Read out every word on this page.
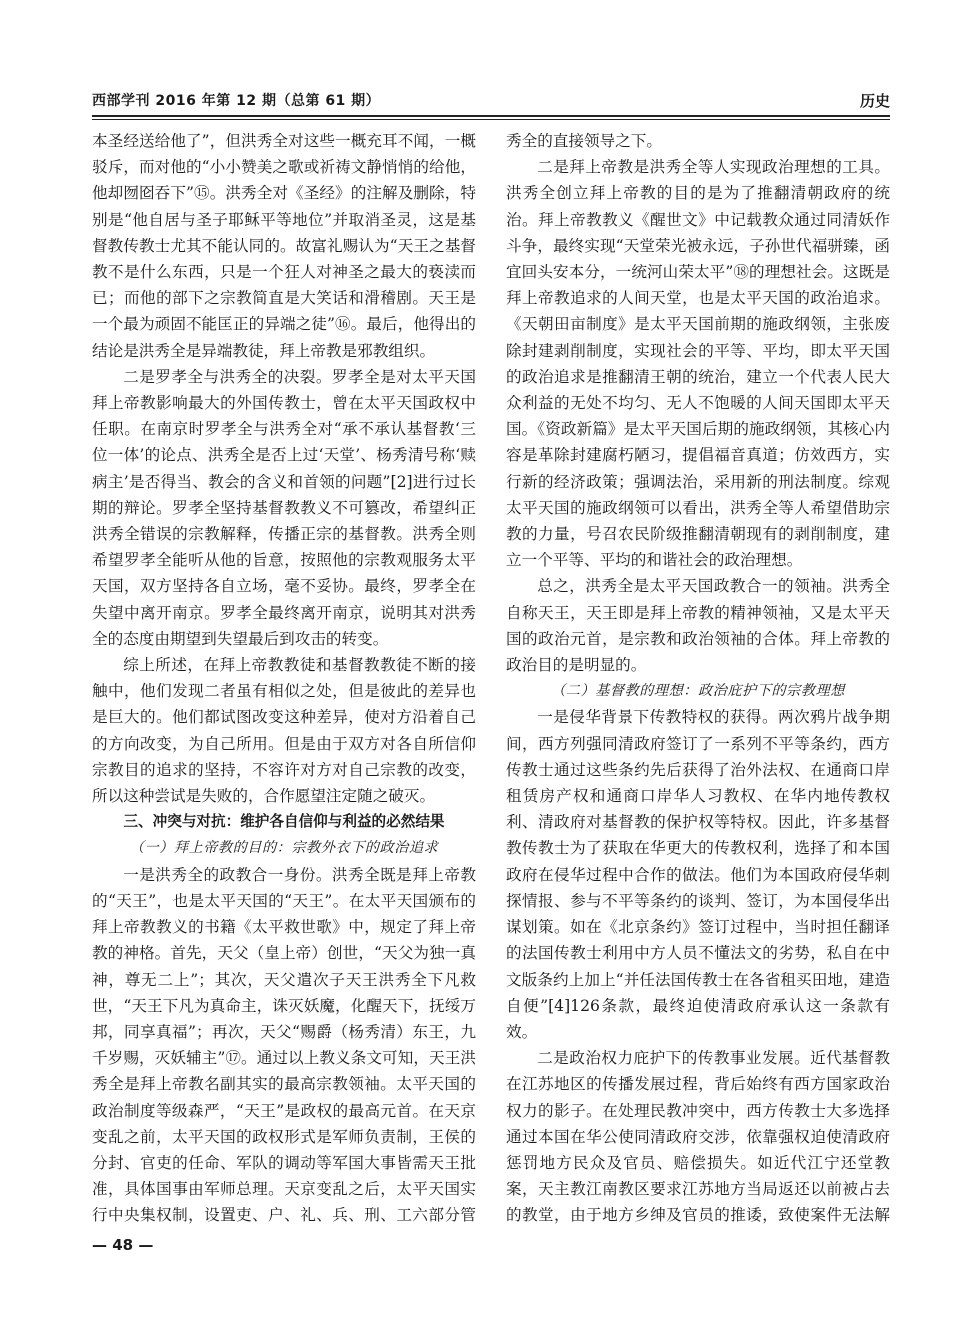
西部学刊 2016 年第 12 期（总第 61 期）	历史

本圣经送给他了”，但洪秀全对这些一概充耳不闻，一概驳斥，而对他的“小小赞美之歌或祈祷文静悄悄的给他，他却囫囵吞下”⑮。洪秀全对《圣经》的注解及删除，特别是“他自居与圣子耶稣平等地位”并取消圣灵，这是基督教传教士尤其不能认同的。故富礼赐认为“天王之基督教不是什么东西，只是一个狂人对神圣之最大的亵渎而已；而他的部下之宗教简直是大笑话和滑稽剧。天王是一个最为顽固不能匡正的异端之徒”⑯。最后，他得出的结论是洪秀全是异端教徒，拜上帝教是邪教组织。

二是罗孝全与洪秀全的决裂。罗孝全是对太平天国拜上帝教影响最大的外国传教士，曾在太平天国政权中任职。在南京时罗孝全与洪秀全对“承不承认基督教‘三位一体’的论点、洪秀全是否上过‘天堂’、杨秀清号称‘赎病主’是否得当、教会的含义和首领的问题”[2]进行过长期的辩论。罗孝全坚持基督教教义不可篡改，希望纠正洪秀全错误的宗教解释，传播正宗的基督教。洪秀全则希望罗孝全能听从他的旨意，按照他的宗教观服务太平天国，双方坚持各自立场，毫不妥协。最终，罗孝全在失望中离开南京。罗孝全最终离开南京，说明其对洪秀全的态度由期望到失望最后到攻击的转变。

综上所述，在拜上帝教教徒和基督教教徒不断的接触中，他们发现二者虽有相似之处，但是彼此的差异也是巨大的。他们都试图改变这种差异，使对方沿着自己的方向改变，为自己所用。但是由于双方对各自所信仰宗教目的追求的坚持，不容许对方对自己宗教的改变，所以这种尝试是失败的，合作愿望注定随之破灭。

三、冲突与对抗：维护各自信仰与利益的必然结果

（一）拜上帝教的目的：宗教外衣下的政治追求

一是洪秀全的政教合一身份。洪秀全既是拜上帝教的“天王”，也是太平天国的“天王”。在太平天国颁布的拜上帝教教义的书籍《太平救世歌》中，规定了拜上帝教的神格。首先，天父（皇上帝）创世，“天父为独一真神，尊无二上”；其次，天父遣次子天王洪秀全下凡救世，“天王下凡为真命主，诛灭妖魔，化醒天下，抚绥万邦，同享真福”；再次，天父“赐爵（杨秀清）东王，九千岁赐，灭妖辅主”⑰。通过以上教义条文可知，天王洪秀全是拜上帝教名副其实的最高宗教领袖。太平天国的政治制度等级森严，“天王”是政权的最高元首。在天京变乱之前，太平天国的政权形式是军师负责制，王侯的分封、官吏的任命、军队的调动等军国大事皆需天王批准，具体国事由军师总理。天京变乱之后，太平天国实行中央集权制，设置吏、户、礼、兵、刑、工六部分管

秀全的直接领导之下。

二是拜上帝教是洪秀全等人实现政治理想的工具。洪秀全创立拜上帝教的目的是为了推翻清朝政府的统治。拜上帝教教义《醒世文》中记载教众通过同清妖作斗争，最终实现“天堂荣光被永远，子孙世代福骈臻，函宜回头安本分，一统河山荣太平”⑱的理想社会。这既是拜上帝教追求的人间天堂，也是太平天国的政治追求。《天朝田亩制度》是太平天国前期的施政纲领，主张废除封建剥削制度，实现社会的平等、平均，即太平天国的政治追求是推翻清王朝的统治，建立一个代表人民大众利益的无处不均匀、无人不饱暖的人间天国即太平天国。《资政新篇》是太平天国后期的施政纲领，其核心内容是革除封建腐朽陋习，提倡福音真道；仿效西方，实行新的经济政策；强调法治，采用新的刑法制度。综观太平天国的施政纲领可以看出，洪秀全等人希望借助宗教的力量，号召农民阶级推翻清朝现有的剥削制度，建立一个平等、平均的和谐社会的政治理想。

总之，洪秀全是太平天国政教合一的领袖。洪秀全自称天王，天王即是拜上帝教的精神领袖，又是太平天国的政治元首，是宗教和政治领袖的合体。拜上帝教的政治目的是明显的。

（二）基督教的理想：政治庇护下的宗教理想

一是侵华背景下传教特权的获得。两次鸦片战争期间，西方列强同清政府签订了一系列不平等条约，西方传教士通过这些条约先后获得了治外法权、在通商口岸租赁房产权和通商口岸华人习教权、在华内地传教权利、清政府对基督教的保护权等特权。因此，许多基督教传教士为了获取在华更大的传教权利，选择了和本国政府在侵华过程中合作的做法。他们为本国政府侵华刺探情报、参与不平等条约的谈判、签订，为本国侵华出谋划策。如在《北京条约》签订过程中，当时担任翻译的法国传教士利用中方人员不懂法文的劣势，私自在中文版条约上加上“并任法国传教士在各省租买田地，建造自便”[4]126条款，最终迫使清政府承认这一条款有效。

二是政治权力庇护下的传教事业发展。近代基督教在江苏地区的传播发展过程，背后始终有西方国家政治权力的影子。在处理民教冲突中，西方传教士大多选择通过本国在华公使同清政府交涉，依靠强权迫使清政府惩罚地方民众及官员、赔偿损失。如近代江宁还堂教案，天主教江南教区要求江苏地方当局返还以前被占去的教堂，由于地方乡绅及官员的推诿，致使案件无法解

— 48 —
